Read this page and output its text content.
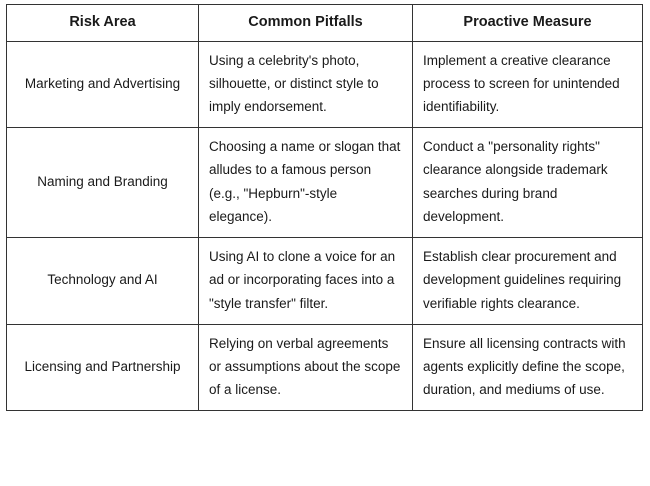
Risk Area	Common Pitfalls	Proactive Measure
Marketing and Advertising	Using a celebrity's photo, silhouette, or distinct style to imply endorsement.	Implement a creative clearance process to screen for unintended identifiability.
Naming and Branding	Choosing a name or slogan that alludes to a famous person (e.g., "Hepburn"-style elegance).	Conduct a "personality rights" clearance alongside trademark searches during brand development.
Technology and AI	Using AI to clone a voice for an ad or incorporating faces into a "style transfer" filter.	Establish clear procurement and development guidelines requiring verifiable rights clearance.
Licensing and Partnership	Relying on verbal agreements or assumptions about the scope of a license.	Ensure all licensing contracts with agents explicitly define the scope, duration, and mediums of use.
